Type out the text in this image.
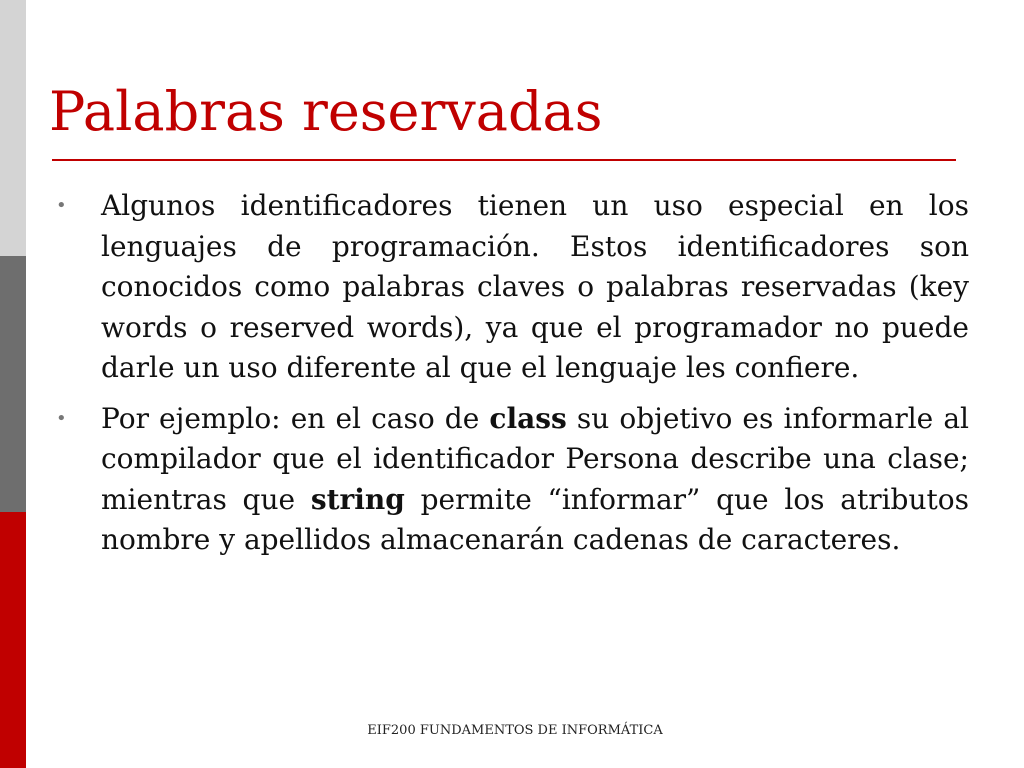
Palabras reservadas
• Algunos identificadores tienen un uso especial en los lenguajes de programación. Estos identificadores son conocidos como palabras claves o palabras reservadas (key words o reserved words), ya que el programador no puede darle un uso diferente al que el lenguaje les confiere.
• Por ejemplo: en el caso de class su objetivo es informarle al compilador que el identificador Persona describe una clase; mientras que string permite “informar” que los atributos nombre y apellidos almacenarán cadenas de caracteres.
EIF200 FUNDAMENTOS DE INFORMÁTICA
